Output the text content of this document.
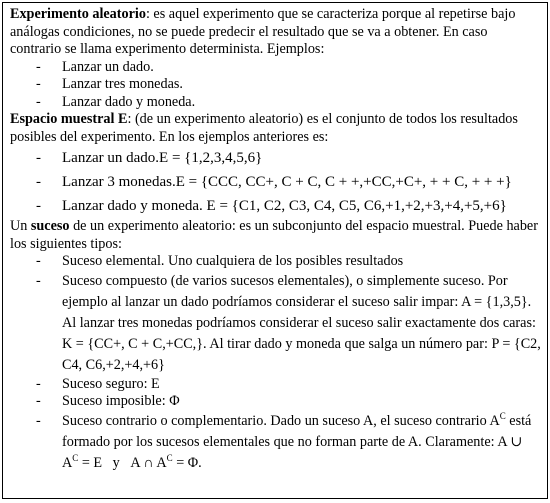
Experimento aleatorio: es aquel experimento que se caracteriza porque al repetirse bajo análogas condiciones, no se puede predecir el resultado que se va a obtener. En caso contrario se llama experimento determinista. Ejemplos:

- Lanzar un dado.
- Lanzar tres monedas.
- Lanzar dado y moneda.

Espacio muestral E: (de un experimento aleatorio) es el conjunto de todos los resultados posibles del experimento. En los ejemplos anteriores es:

- Lanzar un dado.E = {1,2,3,4,5,6}
- Lanzar 3 monedas.E = {CCC, CC+, C + C, C + +,+CC,+C+, + + C, + + +}
- Lanzar dado y moneda. E = {C1, C2, C3, C4, C5, C6,+1,+2,+3,+4,+5,+6}

Un suceso de un experimento aleatorio: es un subconjunto del espacio muestral. Puede haber los siguientes tipos:

- Suceso elemental. Uno cualquiera de los posibles resultados
- Suceso compuesto (de varios sucesos elementales), o simplemente suceso. Por ejemplo al lanzar un dado podríamos considerar el suceso salir impar: A = {1,3,5}. Al lanzar tres monedas podríamos considerar el suceso salir exactamente dos caras: K = {CC+, C + C,+CC,}. Al tirar dado y moneda que salga un número par: P = {C2, C4, C6,+2,+4,+6}
- Suceso seguro: E
- Suceso imposible: Φ
- Suceso contrario o complementario. Dado un suceso A, el suceso contrario $A^C$ está formado por los sucesos elementales que no forman parte de A. Claramente: A ∪ $A^C = E$ y A ∩ $A^C = \Phi$.
